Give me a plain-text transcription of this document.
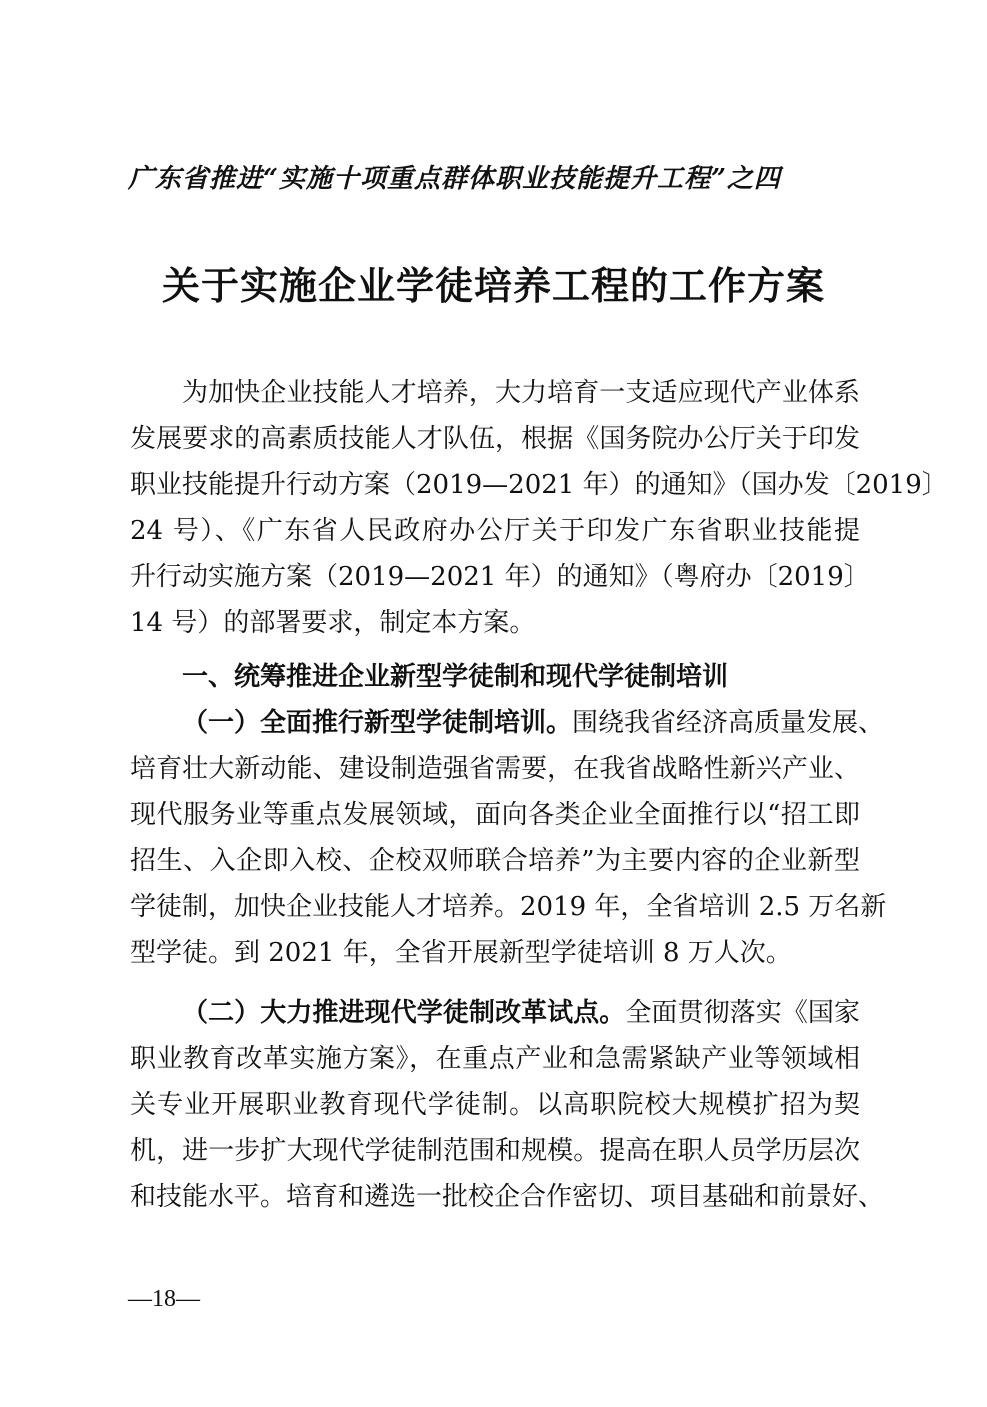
广东省推进“实施十项重点群体职业技能提升工程”之四
关于实施企业学徒培养工程的工作方案
为加快企业技能人才培养，大力培育一支适应现代产业体系
发展要求的高素质技能人才队伍，根据《国务院办公厅关于印发
职业技能提升行动方案（2019—2021 年）的通知》（国办发〔2019〕
24 号）、《广东省人民政府办公厅关于印发广东省职业技能提
升行动实施方案（2019—2021 年）的通知》（粤府办〔2019〕
14 号）的部署要求，制定本方案。
一、统筹推进企业新型学徒制和现代学徒制培训
（一）全面推行新型学徒制培训。围绕我省经济高质量发展、
培育壮大新动能、建设制造强省需要，在我省战略性新兴产业、
现代服务业等重点发展领域，面向各类企业全面推行以“招工即
招生、入企即入校、企校双师联合培养”为主要内容的企业新型
学徒制，加快企业技能人才培养。2019 年，全省培训 2.5 万名新
型学徒。到 2021 年，全省开展新型学徒培训 8 万人次。
（二）大力推进现代学徒制改革试点。全面贯彻落实《国家
职业教育改革实施方案》，在重点产业和急需紧缺产业等领域相
关专业开展职业教育现代学徒制。以高职院校大规模扩招为契
机，进一步扩大现代学徒制范围和规模。提高在职人员学历层次
和技能水平。培育和遴选一批校企合作密切、项目基础和前景好、
—18—
